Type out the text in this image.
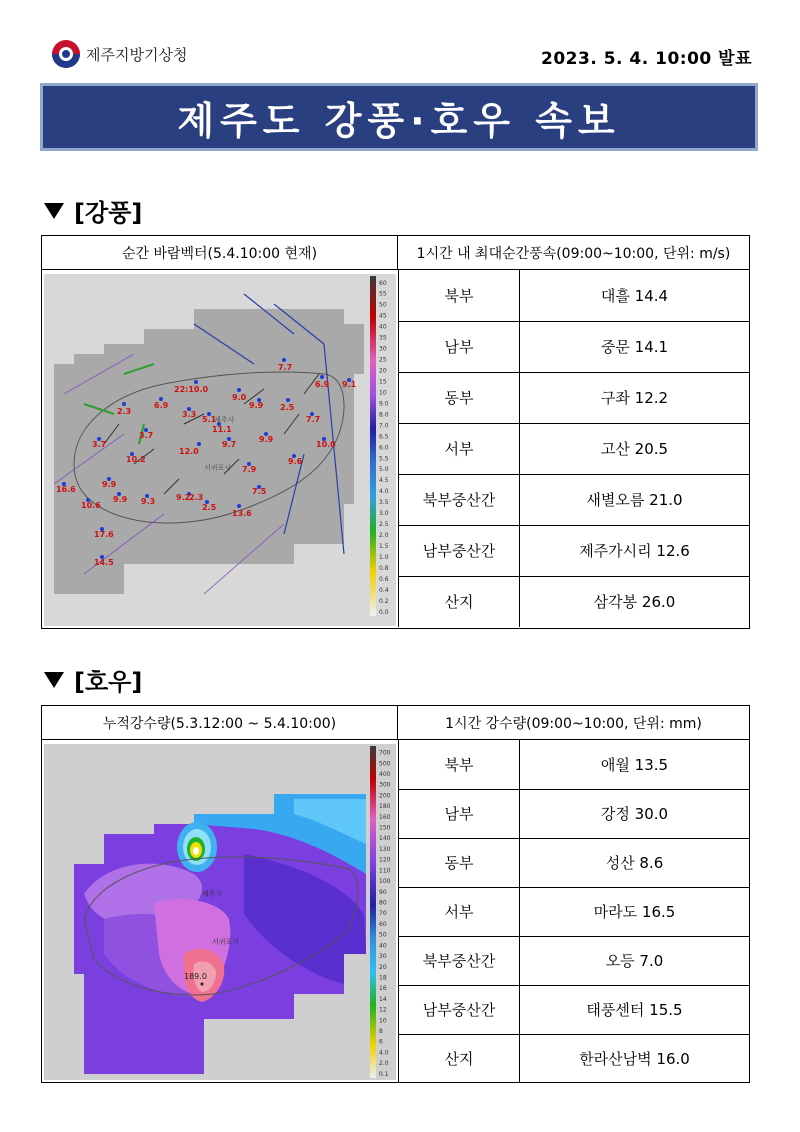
제주지방기상청	2023. 5. 4. 10:00 발표
제주도 강풍·호우 속보
[강풍]
순간 바람벡터(5.4.10:00 현재)	1시간 내 최대순간풍속(09:00~10:00, 단위: m/s)
7.7
6.9 9.1
22:10.0
9.0
9.9 2.5
2.3
6.9
3.3
5.1
11.1
7.7
3.7
3.7
9.7
9.9
10.0
10.2	9.6
7.9
12.0
9.9
16.6
10.6
9.9 9.3	9.2
2.3
2.5
7.5
13.6
17.6
14.5
제주시
서귀포시
60
55
50
45
40
35
30
25
20
15
10
9.0
8.0
7.0
6.5
6.0
5.5
5.0
4.5
4.0
3.5
3.0
2.5
2.0
1.5
1.0
0.8
0.6
0.4
0.2
0.0
북부	대흘 14.4
남부	중문 14.1
동부	구좌 12.2
서부	고산 20.5
북부중산간	새별오름 21.0
남부중산간	제주가시리 12.6
산지	삼각봉 26.0
[호우]
누적강수량(5.3.12:00 ~ 5.4.10:00)	1시간 강수량(09:00~10:00, 단위: mm)
189.0
제주시
서귀포시
700
500
400
300
200
180
160
150
140
130
120
110
100
90
80
70
60
50
40
30
20
18
16
14
12
10
8
6
4.0
2.0
0.1
북부	애월 13.5
남부	강정 30.0
동부	성산 8.6
서부	마라도 16.5
북부중산간	오등 7.0
남부중산간	태풍센터 15.5
산지	한라산남벽 16.0
